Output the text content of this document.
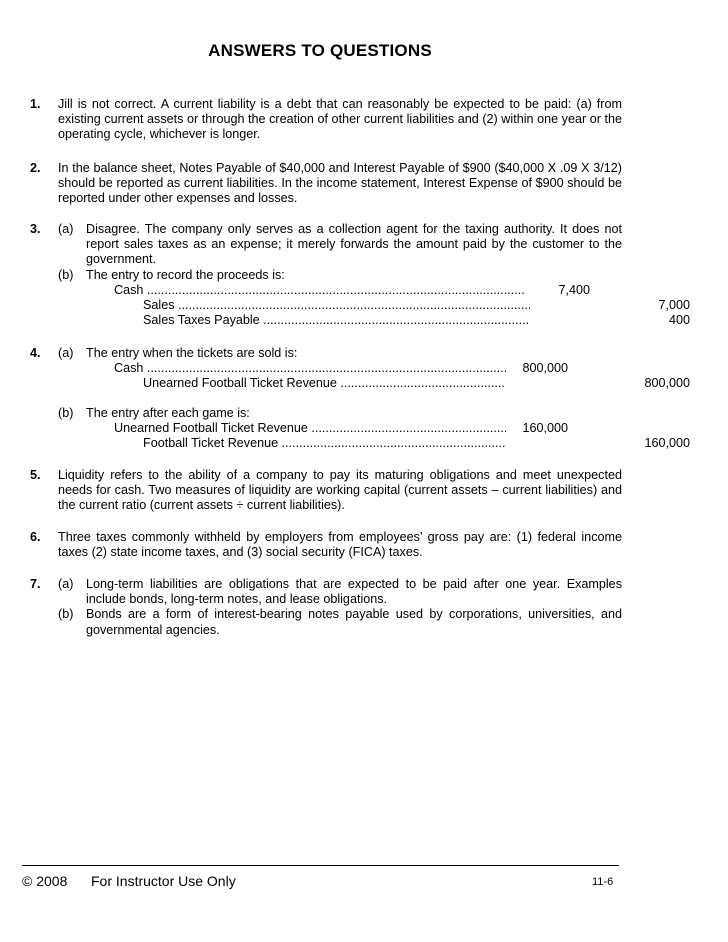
ANSWERS TO QUESTIONS
1. Jill is not correct. A current liability is a debt that can reasonably be expected to be paid: (a) from existing current assets or through the creation of other current liabilities and (2) within one year or the operating cycle, whichever is longer.
2. In the balance sheet, Notes Payable of $40,000 and Interest Payable of $900 ($40,000 X .09 X 3/12) should be reported as current liabilities. In the income statement, Interest Expense of $900 should be reported under other expenses and losses.
3. (a) Disagree. The company only serves as a collection agent for the taxing authority. It does not report sales taxes as an expense; it merely forwards the amount paid by the customer to the government.
(b) The entry to record the proceeds is:
Cash .....	7,400
Sales .....	7,000
Sales Taxes Payable .....	400
4. (a) The entry when the tickets are sold is:
Cash .....	800,000
Unearned Football Ticket Revenue .....	800,000
(b) The entry after each game is:
Unearned Football Ticket Revenue .....	160,000
Football Ticket Revenue .....	160,000
5. Liquidity refers to the ability of a company to pay its maturing obligations and meet unexpected needs for cash. Two measures of liquidity are working capital (current assets – current liabilities) and the current ratio (current assets ÷ current liabilities).
6. Three taxes commonly withheld by employers from employees’ gross pay are: (1) federal income taxes (2) state income taxes, and (3) social security (FICA) taxes.
7. (a) Long-term liabilities are obligations that are expected to be paid after one year. Examples include bonds, long-term notes, and lease obligations.
(b) Bonds are a form of interest-bearing notes payable used by corporations, universities, and governmental agencies.
© 2008 For Instructor Use Only	11-6
